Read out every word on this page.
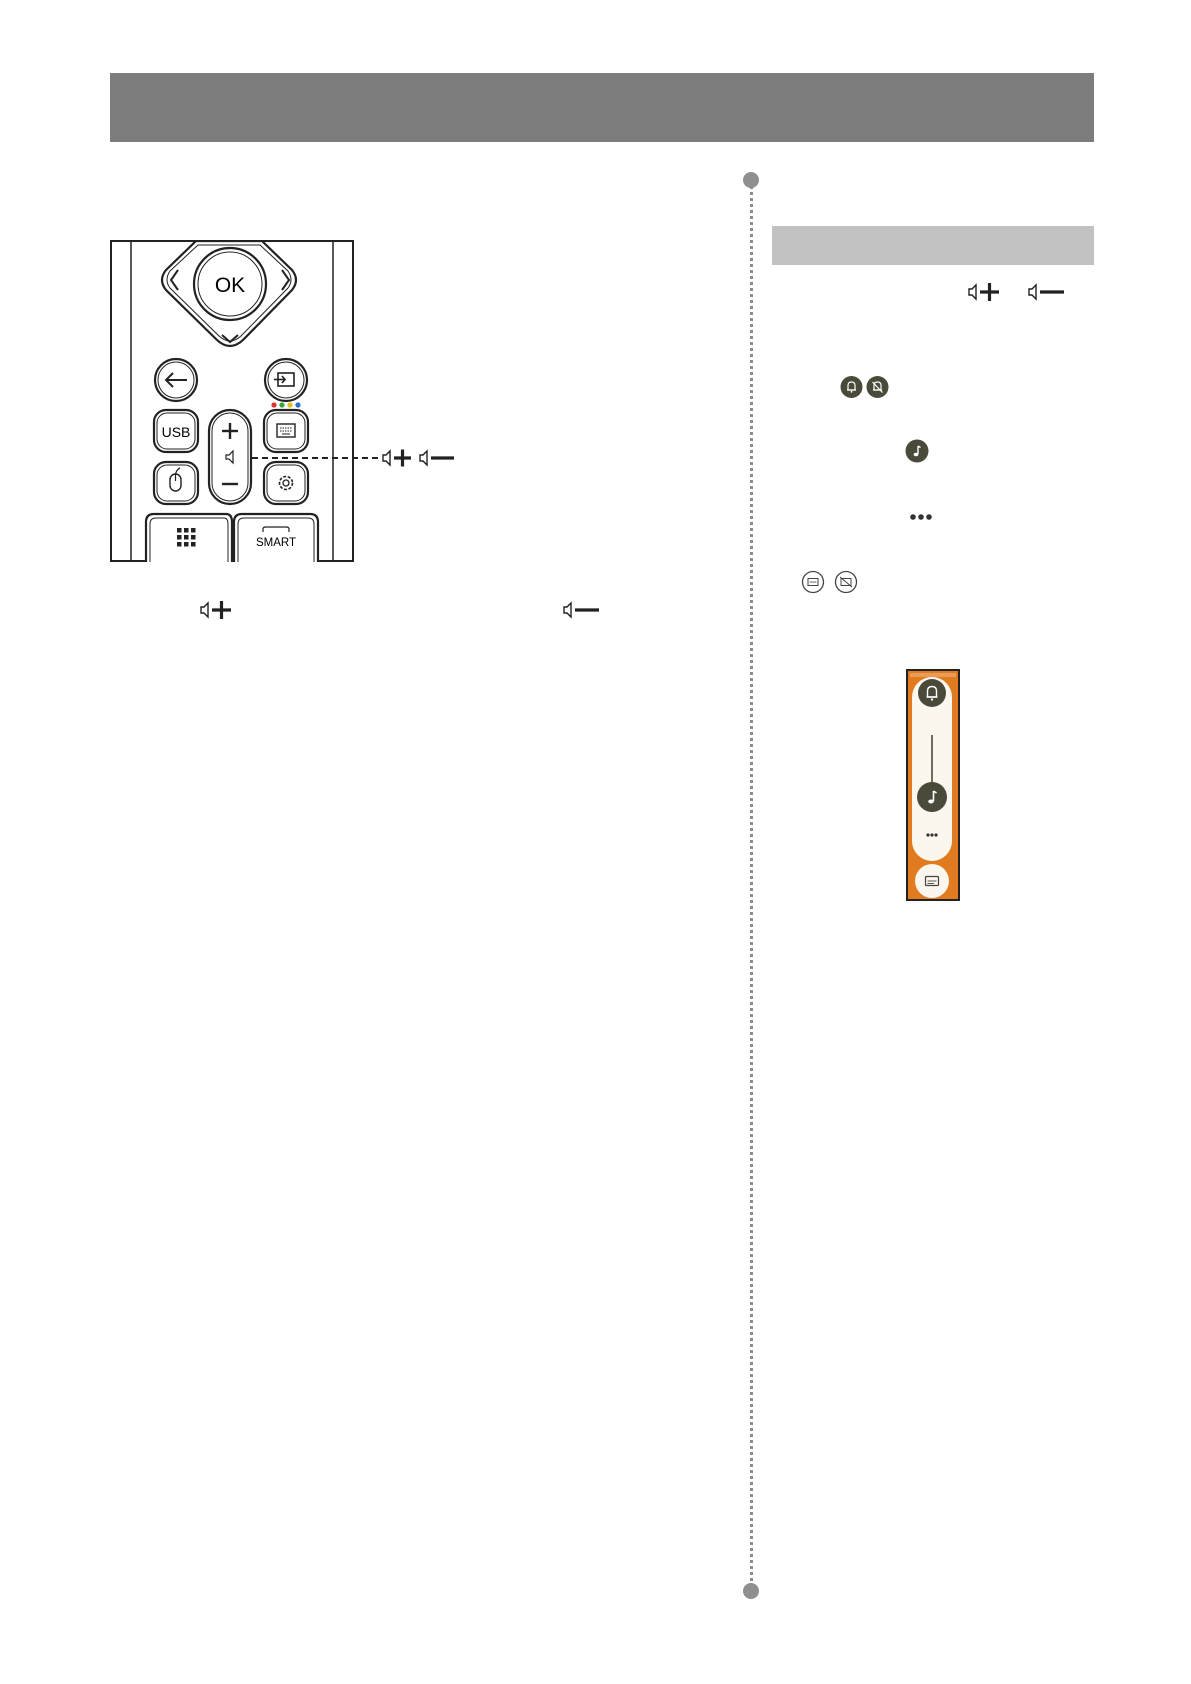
OK
USB
SMART
